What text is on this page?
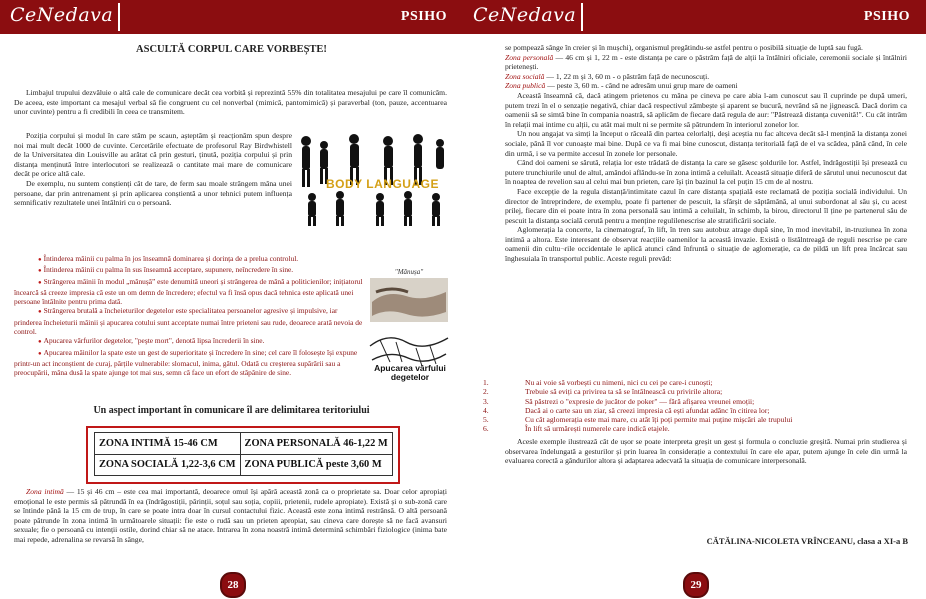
CeNedava	PSIHO
ASCULTĂ CORPUL CARE VORBEȘTE!

Limbajul trupului dezvăluie o altă cale de comunicare decât cea vorbită și reprezintă 55% din totalitatea mesajului pe care îl comunicăm. De aceea, este important ca mesajul verbal să fie congruent cu cel nonverbal (mimică, pantomimică) și paraverbal (ton, pauze, accentuarea unor cuvinte) pentru a fi credibili în ceea ce transmitem.

Poziția corpului și modul în care stăm pe scaun, așteptăm și reacționăm spun despre noi mai mult decât 1000 de cuvinte. Cercetările efectuate de profesorul Ray Birdwhistell de la Universitatea din Louisville au arătat că prin gesturi, ținută, poziția corpului și prin distanța menținută între interlocutori se realizează o cantitate mai mare de comunicare decât pe orice altă cale.

De exemplu, nu suntem conștienți cât de tare, de ferm sau moale strângem mâna unei persoane, dar prin antrenament și prin aplicarea conștientă a unor tehnici putem influența semnificativ rezultatele unei întâlniri cu o persoană.

BODY LANGUAGE
● Întinderea mâinii cu palma în jos înseamnă dominarea și dorința de a prelua controlul.
● Întinderea mâinii cu palma în sus înseamnă acceptare, supunere, neîncredere în sine.
● Strângerea mâinii în modul „mănușă” este denumită uneori și strângerea de mână a politicienilor; inițiatorul încearcă să creeze impresia că este un om demn de încredere; efectul va fi însă opus dacă tehnica este aplicată unei persoane întâlnite pentru prima dată.
● Strângerea brutală a încheieturilor degetelor este specialitatea persoanelor agresive și impulsive, iar prinderea încheieturii mâinii și apucarea cotului sunt acceptate numai între prieteni sau rude, deoarece arată nevoia de control.
● Apucarea vârfurilor degetelor, "peşte mort", denotă lipsa încrederii în sine.
● Apucarea mâinilor la spate este un gest de superioritate și încredere în sine; cel care îl folosește își expune printr-un act inconștient de curaj, părțile vulnerabile: slomacul, inima, gâtul. Odată cu creșterea supărării sau a preocupării, mâna dusă la spate ajunge tot mai sus, semn că face un efort de stăpânire de sine.
"Mănușa"
Apucarea vârfului degetelor
Un aspect important în comunicare îl are delimitarea teritoriului
ZONA INTIMĂ 15-46 CM	ZONA PERSONALĂ 46-1,22 M
ZONA SOCIALĂ 1,22-3,6 CM	ZONA PUBLICĂ peste 3,60 M

Zona intimă — 15 și 46 cm – este cea mai importantă, deoarece omul își apără această zonă ca o proprietate sa. Doar celor apropiați emoțional le este permis să pătrundă în ea (îndrăgostiții, părinții, soțul sau soția, copiii, prietenii, rudele apropiate). Există și o sub-zonă care se întinde până la 15 cm de trup, în care se poate intra doar în cursul contactului fizic. Această este zona intimă restrânsă. O altă persoană poate pătrunde în zona intimă în următoarele situații: fie este o rudă sau un prieten apropiat, sau cineva care dorește să ne facă avansuri sexuale; fie o persoană cu intenții ostile, dorind chiar să ne atace. Intrarea în zona noastră intimă determină schimbări fiziologice (inima bate mai repede, adrenalina se revarsă în sânge,

28
CeNedava	PSIHO

se pompează sânge în creier și în mușchi), organismul pregătindu-se astfel pentru o posibilă situație de luptă sau fugă.

Zona personală — 46 cm și 1, 22 m - este distanța pe care o păstrăm față de alții la întâlniri oficiale, ceremonii sociale și întâlniri prietenești.

Zona socială — 1, 22 m și 3, 60 m - o păstrăm față de necunoscuți.

Zona publică — peste 3, 60 m. - când ne adresăm unui grup mare de oameni

Această înseamnă că, dacă atingem prietenos cu mâna pe cineva pe care abia l-am cunoscut sau îl cuprinde pe după umeri, putem trezi în el o senzație negativă, chiar dacă respectivul zâmbește și aparent se bucură, nevrând să ne jignească. Dacă dorim ca oamenii să se simtă bine în compania noastră, să aplicăm de fiecare dată regula de aur: "Păstrează distanța cuvenită!". Cu cât intrăm în relații mai intime cu alții, cu atât mai mult ni se permite să pătrundem în interiorul zonelor lor.

Un nou angajat va simți la început o răceală din partea celorlalți, deși aceștia nu fac altceva decât să-l mențină la distanța zonei sociale, până îl vor cunoaște mai bine. După ce va fi mai bine cunoscut, distanța teritorială față de el va scădea, până când, în cele din urmă, i se va permite accesul în zonele lor personale.

Când doi oameni se sărută, relația lor este trădată de distanța la care se găsesc șoldurile lor. Astfel, îndrăgostiții își presează cu putere trunchiurile unul de altul, amândoi aflându-se în zona intimă a celuilalt. Această situație diferă de sărutul unui necunoscut dat în noaptea de revelion sau al celui mai bun prieten, care își țin bazinul la cel puțin 15 cm de al nostru.

Face excepție de la regula distanță/intimitate cazul în care distanța spațială este reclamată de poziția socială individului. Un director de întreprindere, de exemplu, poate fi partener de pescuit, la sfârșit de săptămână, al unui subordonat al său și, cu acest prilej, fiecare din ei poate intra în zona personală sau intimă a celuilalt, în schimb, la birou, directorul îl ține pe partenerul său de pescuit la distanța socială cerută pentru a menține regulilenescrise ale stratificării sociale.

Aglomerația la concerte, la cinematograf, în lift, în tren sau autobuz atrage după sine, în mod inevitabil, in-truziunea în zona intimă a altora. Este interesant de observat reacțiile oamenilor la această invazie. Există o listălntreagă de reguli nescrise pe care oamenii din cultu¬rile occidentale le aplică atunci când înfruntă o situație de aglomerație, ca de pildă un lift prea încărcat sau înghesuiala în transportul public. Aceste reguli prevăd:

1.	Nu ai voie să vorbești cu nimeni, nici cu cei pe care-i cunoști;
2.	Trebuie să eviți ca privirea ta să se întâlnească cu privirile altora;
3.	Să păstrezi o "expresie de jucător de poker" — fără afișarea vreunei emoții;
4.	Dacă ai o carte sau un ziar, să creezi impresia că ești afundat adânc în citirea lor;
5.	Cu cât aglomerația este mai mare, cu atât îți poți permite mai puține mișcări ale trupului
6.	În lift să urmărești numerele care indică etajele.

Acesle exemple ilustrează cât de ușor se poate interpreta greșit un gest și formula o concluzie greșită. Numai prin studierea și observarea îndelungată a gesturilor și prin luarea în considerație a contextului în care ele apar, putem ajunge în cele din urmă la evaluarea corectă a gândurilor altora și adaptarea adecvată la situația de comunicare interpersonală.

CĂTĂLINA-NICOLETA VRÎNCEANU, clasa a XI-a B
29
